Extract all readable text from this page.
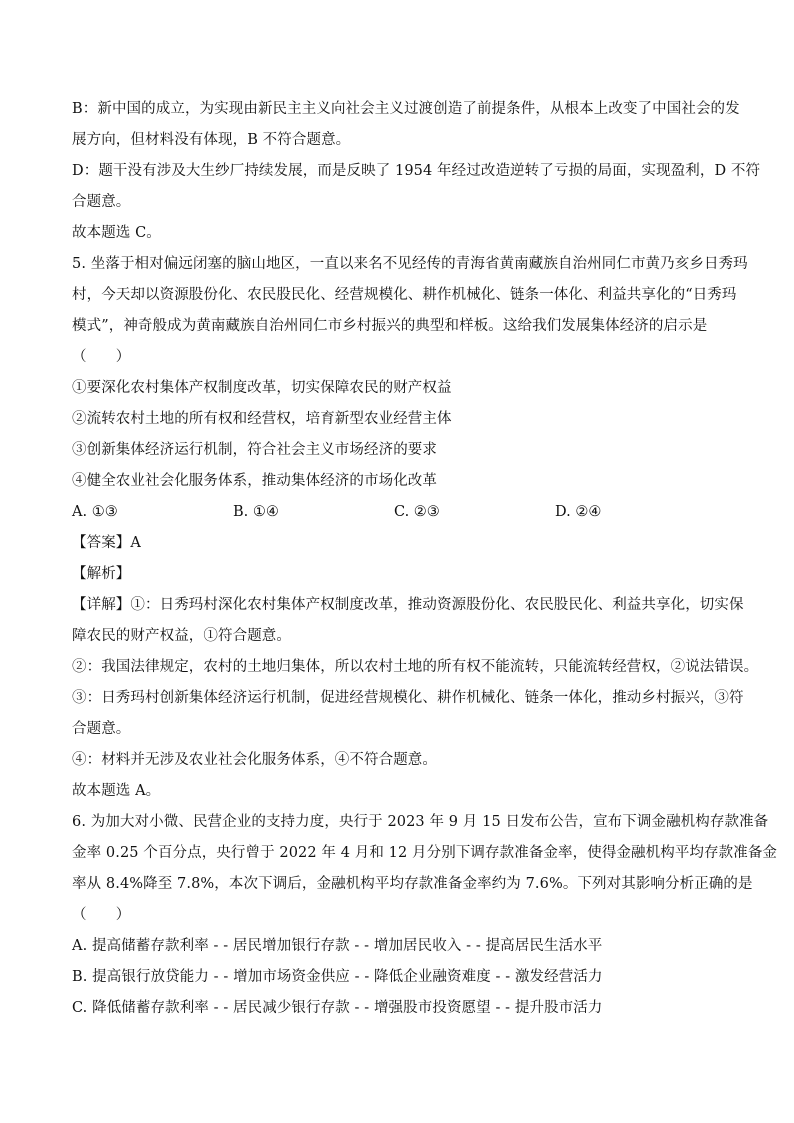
B：新中国的成立，为实现由新民主主义向社会主义过渡创造了前提条件，从根本上改变了中国社会的发
展方向，但材料没有体现，B 不符合题意。
D：题干没有涉及大生纱厂持续发展，而是反映了 1954 年经过改造逆转了亏损的局面，实现盈利，D 不符
合题意。
故本题选 C。
5. 坐落于相对偏远闭塞的脑山地区，一直以来名不见经传的青海省黄南藏族自治州同仁市黄乃亥乡日秀玛
村，今天却以资源股份化、农民股民化、经营规模化、耕作机械化、链条一体化、利益共享化的“日秀玛
模式”，神奇般成为黄南藏族自治州同仁市乡村振兴的典型和样板。这给我们发展集体经济的启示是
（　　）
①要深化农村集体产权制度改革，切实保障农民的财产权益
②流转农村土地的所有权和经营权，培育新型农业经营主体
③创新集体经济运行机制，符合社会主义市场经济的要求
④健全农业社会化服务体系，推动集体经济的市场化改革
A. ①③	B. ①④	C. ②③	D. ②④
【答案】A
【解析】
【详解】①：日秀玛村深化农村集体产权制度改革，推动资源股份化、农民股民化、利益共享化，切实保
障农民的财产权益，①符合题意。
②：我国法律规定，农村的土地归集体，所以农村土地的所有权不能流转，只能流转经营权，②说法错误。
③：日秀玛村创新集体经济运行机制，促进经营规模化、耕作机械化、链条一体化，推动乡村振兴，③符
合题意。
④：材料并无涉及农业社会化服务体系，④不符合题意。
故本题选 A。
6. 为加大对小微、民营企业的支持力度，央行于 2023 年 9 月 15 日发布公告，宣布下调金融机构存款准备
金率 0.25 个百分点，央行曾于 2022 年 4 月和 12 月分别下调存款准备金率，使得金融机构平均存款准备金
率从 8.4%降至 7.8%，本次下调后，金融机构平均存款准备金率约为 7.6%。下列对其影响分析正确的是
（　　）
A. 提高储蓄存款利率 - - 居民增加银行存款 - - 增加居民收入 - - 提高居民生活水平
B. 提高银行放贷能力 - - 增加市场资金供应 - - 降低企业融资难度 - - 激发经营活力
C. 降低储蓄存款利率 - - 居民减少银行存款 - - 增强股市投资愿望 - - 提升股市活力
